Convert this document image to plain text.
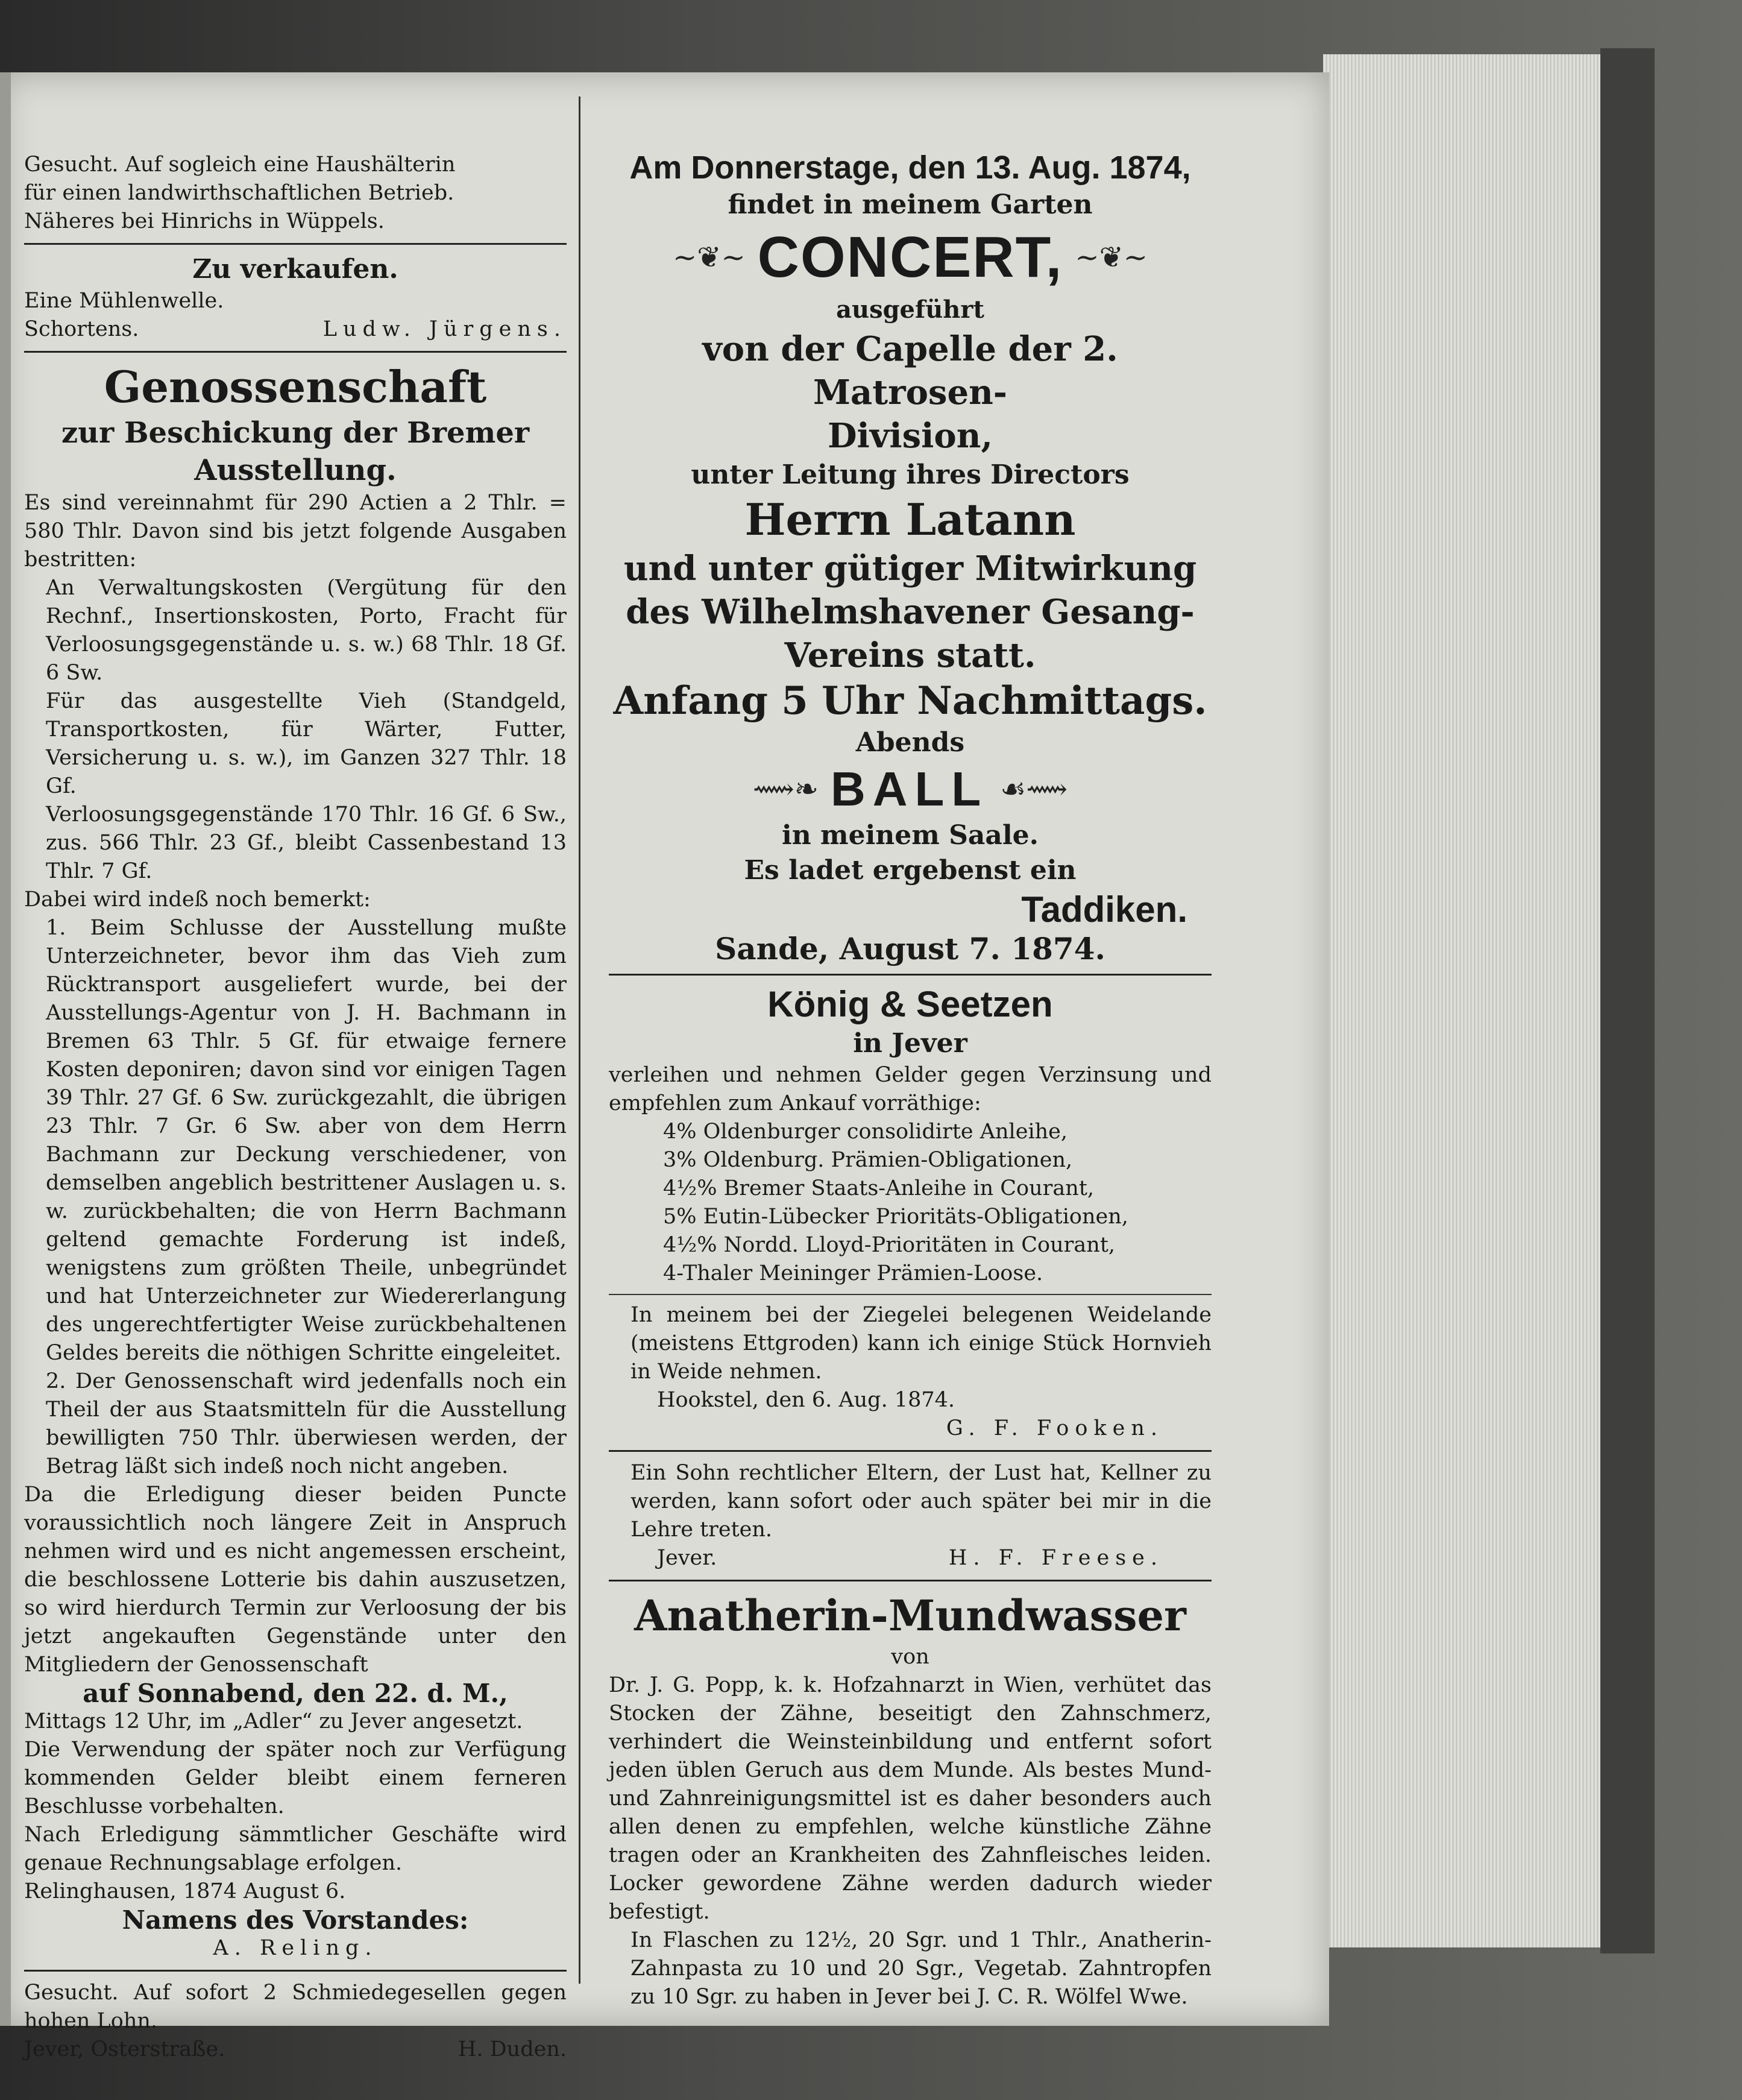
Gesucht. Auf sogleich eine Haushälterin

für einen landwirthschaftlichen Betrieb.

Näheres bei Hinrichs in Wüppels.

Zu verkaufen.

Eine Mühlenwelle.

Schortens.	Ludw. Jürgens.

Genossenschaft

zur Beschickung der Bremer

Ausstellung.

Es sind vereinnahmt für 290 Actien a 2 Thlr. = 580 Thlr. Davon sind bis jetzt folgende Ausgaben bestritten:

An Verwaltungskosten (Vergütung für den Rechnf., Insertionskosten, Porto, Fracht für Verloosungsgegenstände u. s. w.) 68 Thlr. 18 Gf. 6 Sw.

Für das ausgestellte Vieh (Standgeld, Transportkosten, für Wärter, Futter, Versicherung u. s. w.), im Ganzen 327 Thlr. 18 Gf.

Verloosungsgegenstände 170 Thlr. 16 Gf. 6 Sw., zus. 566 Thlr. 23 Gf., bleibt Cassenbestand 13 Thlr. 7 Gf.

Dabei wird indeß noch bemerkt:

1. Beim Schlusse der Ausstellung mußte Unterzeichneter, bevor ihm das Vieh zum Rücktransport ausgeliefert wurde, bei der Ausstellungs-Agentur von J. H. Bachmann in Bremen 63 Thlr. 5 Gf. für etwaige fernere Kosten deponiren; davon sind vor einigen Tagen 39 Thlr. 27 Gf. 6 Sw. zurückgezahlt, die übrigen 23 Thlr. 7 Gr. 6 Sw. aber von dem Herrn Bachmann zur Deckung verschiedener, von demselben angeblich bestrittener Auslagen u. s. w. zurückbehalten; die von Herrn Bachmann geltend gemachte Forderung ist indeß, wenigstens zum größten Theile, unbegründet und hat Unterzeichneter zur Wiedererlangung des ungerechtfertigter Weise zurückbehaltenen Geldes bereits die nöthigen Schritte eingeleitet.

2. Der Genossenschaft wird jedenfalls noch ein Theil der aus Staatsmitteln für die Ausstellung bewilligten 750 Thlr. überwiesen werden, der Betrag läßt sich indeß noch nicht angeben.

Da die Erledigung dieser beiden Puncte voraussichtlich noch längere Zeit in Anspruch nehmen wird und es nicht angemessen erscheint, die beschlossene Lotterie bis dahin auszusetzen, so wird hierdurch Termin zur Verloosung der bis jetzt angekauften Gegenstände unter den Mitgliedern der Genossenschaft

auf Sonnabend, den 22. d. M.,

Mittags 12 Uhr, im „Adler“ zu Jever angesetzt.

Die Verwendung der später noch zur Verfügung kommenden Gelder bleibt einem ferneren Beschlusse vorbehalten.

Nach Erledigung sämmtlicher Geschäfte wird genaue Rechnungsablage erfolgen.

Relinghausen, 1874 August 6.

Namens des Vorstandes:

A. Reling.

Gesucht. Auf sofort 2 Schmiedegesellen gegen hohen Lohn.

Jever, Osterstraße.	H. Duden.

Am Donnerstage, den 13. Aug. 1874,

findet in meinem Garten

~❦~ CONCERT, ~❦~

ausgeführt

von der Capelle der 2. Matrosen-

Division,

unter Leitung ihres Directors

Herrn Latann

und unter gütiger Mitwirkung

des Wilhelmshavener Gesang-

Vereins statt.

Anfang 5 Uhr Nachmittags.

Abends

⟿❧ BALL ☙⟿

in meinem Saale.

Es ladet ergebenst ein

Taddiken.

Sande, August 7. 1874.

König & Seetzen

in Jever

verleihen und nehmen Gelder gegen Verzinsung und empfehlen zum Ankauf vorräthige:

4% Oldenburger consolidirte Anleihe,

3% Oldenburg. Prämien-Obligationen,

4½% Bremer Staats-Anleihe in Courant,

5% Eutin-Lübecker Prioritäts-Obligationen,

4½% Nordd. Lloyd-Prioritäten in Courant,

4-Thaler Meininger Prämien-Loose.

In meinem bei der Ziegelei belegenen Weidelande (meistens Ettgroden) kann ich einige Stück Hornvieh in Weide nehmen.

Hookstel, den 6. Aug. 1874.

G. F. Fooken.

Ein Sohn rechtlicher Eltern, der Lust hat, Kellner zu werden, kann sofort oder auch später bei mir in die Lehre treten.

Jever.	H. F. Freese.

Anatherin-Mundwasser

von

Dr. J. G. Popp, k. k. Hofzahnarzt in Wien, verhütet das Stocken der Zähne, beseitigt den Zahnschmerz, verhindert die Weinsteinbildung und entfernt sofort jeden üblen Geruch aus dem Munde. Als bestes Mund- und Zahnreinigungsmittel ist es daher besonders auch allen denen zu empfehlen, welche künstliche Zähne tragen oder an Krankheiten des Zahnfleisches leiden. Locker gewordene Zähne werden dadurch wieder befestigt.

In Flaschen zu 12½, 20 Sgr. und 1 Thlr., Anatherin-Zahnpasta zu 10 und 20 Sgr., Vegetab. Zahntropfen zu 10 Sgr. zu haben in Jever bei J. C. R. Wölfel Wwe.
